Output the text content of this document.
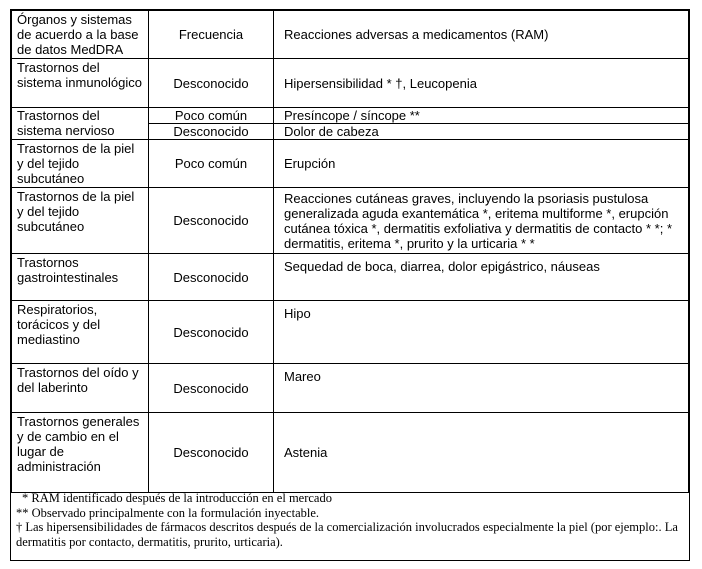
Órganos y sistemas de acuerdo a la base de datos MedDRA	Frecuencia	Reacciones adversas a medicamentos (RAM)
Trastornos del sistema inmunológico	Desconocido	Hipersensibilidad * †, Leucopenia
Trastornos del sistema nervioso	Poco común	Presíncope / síncope **
	Desconocido	Dolor de cabeza
Trastornos de la piel y del tejido subcutáneo	Poco común	Erupción
Trastornos de la piel y del tejido subcutáneo	Desconocido	Reacciones cutáneas graves, incluyendo la psoriasis pustulosa generalizada aguda exantemática *, eritema multiforme *, erupción cutánea tóxica *, dermatitis exfoliativa y dermatitis de contacto * *; * dermatitis, eritema *, prurito y la urticaria * *
Trastornos gastrointestinales	Desconocido	Sequedad de boca, diarrea, dolor epigástrico, náuseas
Respiratorios, torácicos y del mediastino	Desconocido	Hipo
Trastornos del oído y del laberinto	Desconocido	Mareo
Trastornos generales y de cambio en el lugar de administración	Desconocido	Astenia
* RAM identificado después de la introducción en el mercado
** Observado principalmente con la formulación inyectable.
† Las hipersensibilidades de fármacos descritos después de la comercialización involucrados especialmente la piel (por ejemplo:. La dermatitis por contacto, dermatitis, prurito, urticaria).
